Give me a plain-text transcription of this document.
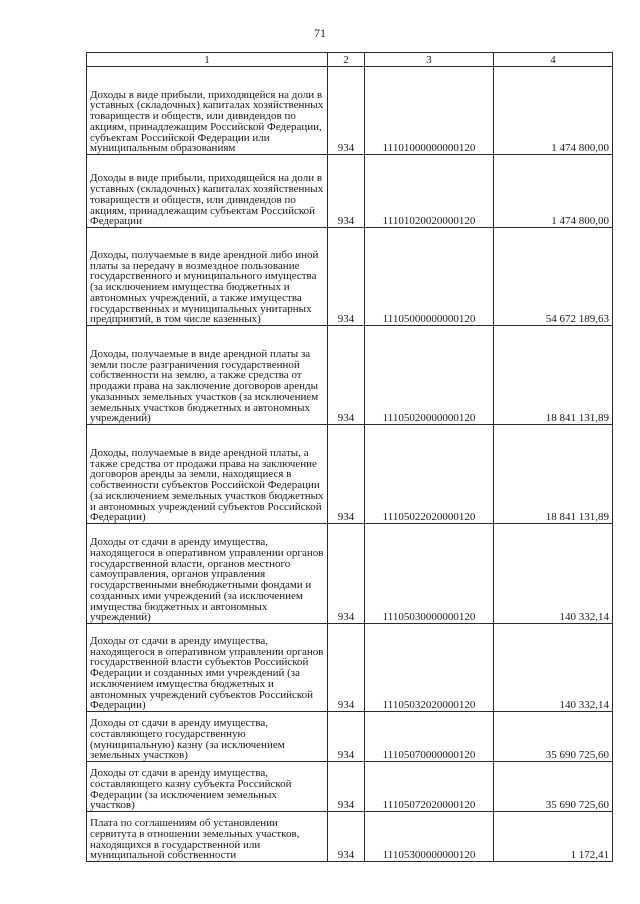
71
1	2	3	4
Доходы в виде прибыли, приходящейся на доли в уставных (складочных) капиталах хозяйственных товариществ и обществ, или дивидендов по акциям, принадлежащим Российской Федерации, субъектам Российской Федерации или муниципальным образованиям	934	11101000000000120	1 474 800,00
Доходы в виде прибыли, приходящейся на доли в уставных (складочных) капиталах хозяйственных товариществ и обществ, или дивидендов по акциям, принадлежащим субъектам Российской Федерации	934	11101020020000120	1 474 800,00
Доходы, получаемые в виде арендной либо иной платы за передачу в возмездное пользование государственного и муниципального имущества (за исключением имущества бюджетных и автономных учреждений, а также имущества государственных и муниципальных унитарных предприятий, в том числе казенных)	934	11105000000000120	54 672 189,63
Доходы, получаемые в виде арендной платы за земли после разграничения государственной собственности на землю, а также средства от продажи права на заключение договоров аренды указанных земельных участков (за исключением земельных участков бюджетных и автономных учреждений)	934	11105020000000120	18 841 131,89
Доходы, получаемые в виде арендной платы, а также средства от продажи права на заключение договоров аренды за земли, находящиеся в собственности субъектов Российской Федерации (за исключением земельных участков бюджетных и автономных учреждений субъектов Российской Федерации)	934	11105022020000120	18 841 131,89
Доходы от сдачи в аренду имущества, находящегося в оперативном управлении органов государственной власти, органов местного самоуправления, органов управления государственными внебюджетными фондами и созданных ими учреждений (за исключением имущества бюджетных и автономных учреждений)	934	11105030000000120	140 332,14
Доходы от сдачи в аренду имущества, находящегося в оперативном управлении органов государственной власти субъектов Российской Федерации и созданных ими учреждений (за исключением имущества бюджетных и автономных учреждений субъектов Российской Федерации)	934	11105032020000120	140 332,14
Доходы от сдачи в аренду имущества, составляющего государственную (муниципальную) казну (за исключением земельных участков)	934	11105070000000120	35 690 725,60
Доходы от сдачи в аренду имущества, составляющего казну субъекта Российской Федерации (за исключением земельных участков)	934	11105072020000120	35 690 725,60
Плата по соглашениям об установлении сервитута в отношении земельных участков, находящихся в государственной или муниципальной собственности	934	11105300000000120	1 172,41
